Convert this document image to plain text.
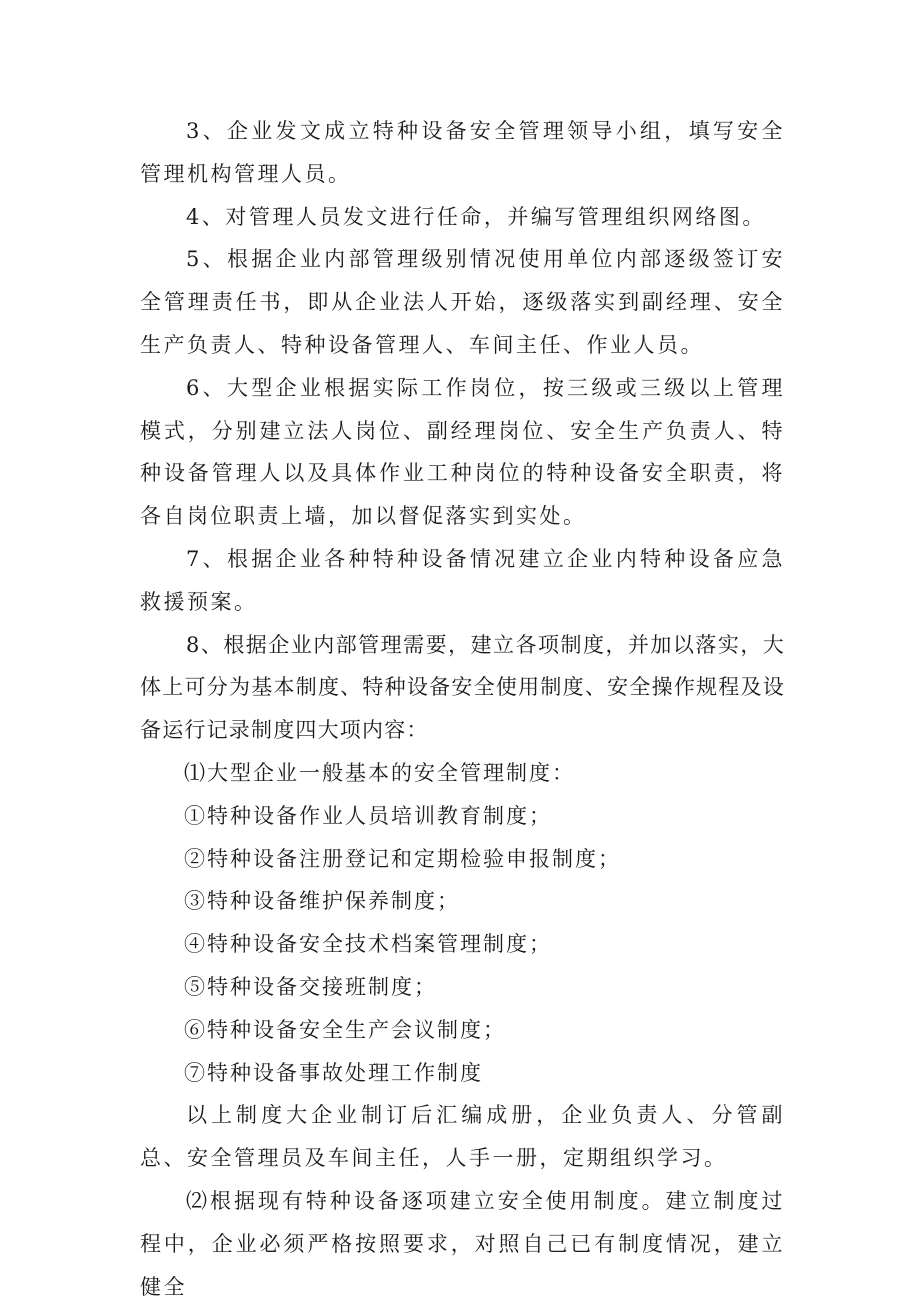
3、企业发文成立特种设备安全管理领导小组，填写安全管理机构管理人员。

4、对管理人员发文进行任命，并编写管理组织网络图。

5、根据企业内部管理级别情况使用单位内部逐级签订安全管理责任书，即从企业法人开始，逐级落实到副经理、安全生产负责人、特种设备管理人、车间主任、作业人员。

6、大型企业根据实际工作岗位，按三级或三级以上管理模式，分别建立法人岗位、副经理岗位、安全生产负责人、特种设备管理人以及具体作业工种岗位的特种设备安全职责，将各自岗位职责上墙，加以督促落实到实处。

7、根据企业各种特种设备情况建立企业内特种设备应急救援预案。

8、根据企业内部管理需要，建立各项制度，并加以落实，大体上可分为基本制度、特种设备安全使用制度、安全操作规程及设备运行记录制度四大项内容：

⑴大型企业一般基本的安全管理制度：

①特种设备作业人员培训教育制度；

②特种设备注册登记和定期检验申报制度；

③特种设备维护保养制度；

④特种设备安全技术档案管理制度；

⑤特种设备交接班制度；

⑥特种设备安全生产会议制度；

⑦特种设备事故处理工作制度

以上制度大企业制订后汇编成册，企业负责人、分管副总、安全管理员及车间主任，人手一册，定期组织学习。

⑵根据现有特种设备逐项建立安全使用制度。建立制度过程中，企业必须严格按照要求，对照自己已有制度情况，建立健全
